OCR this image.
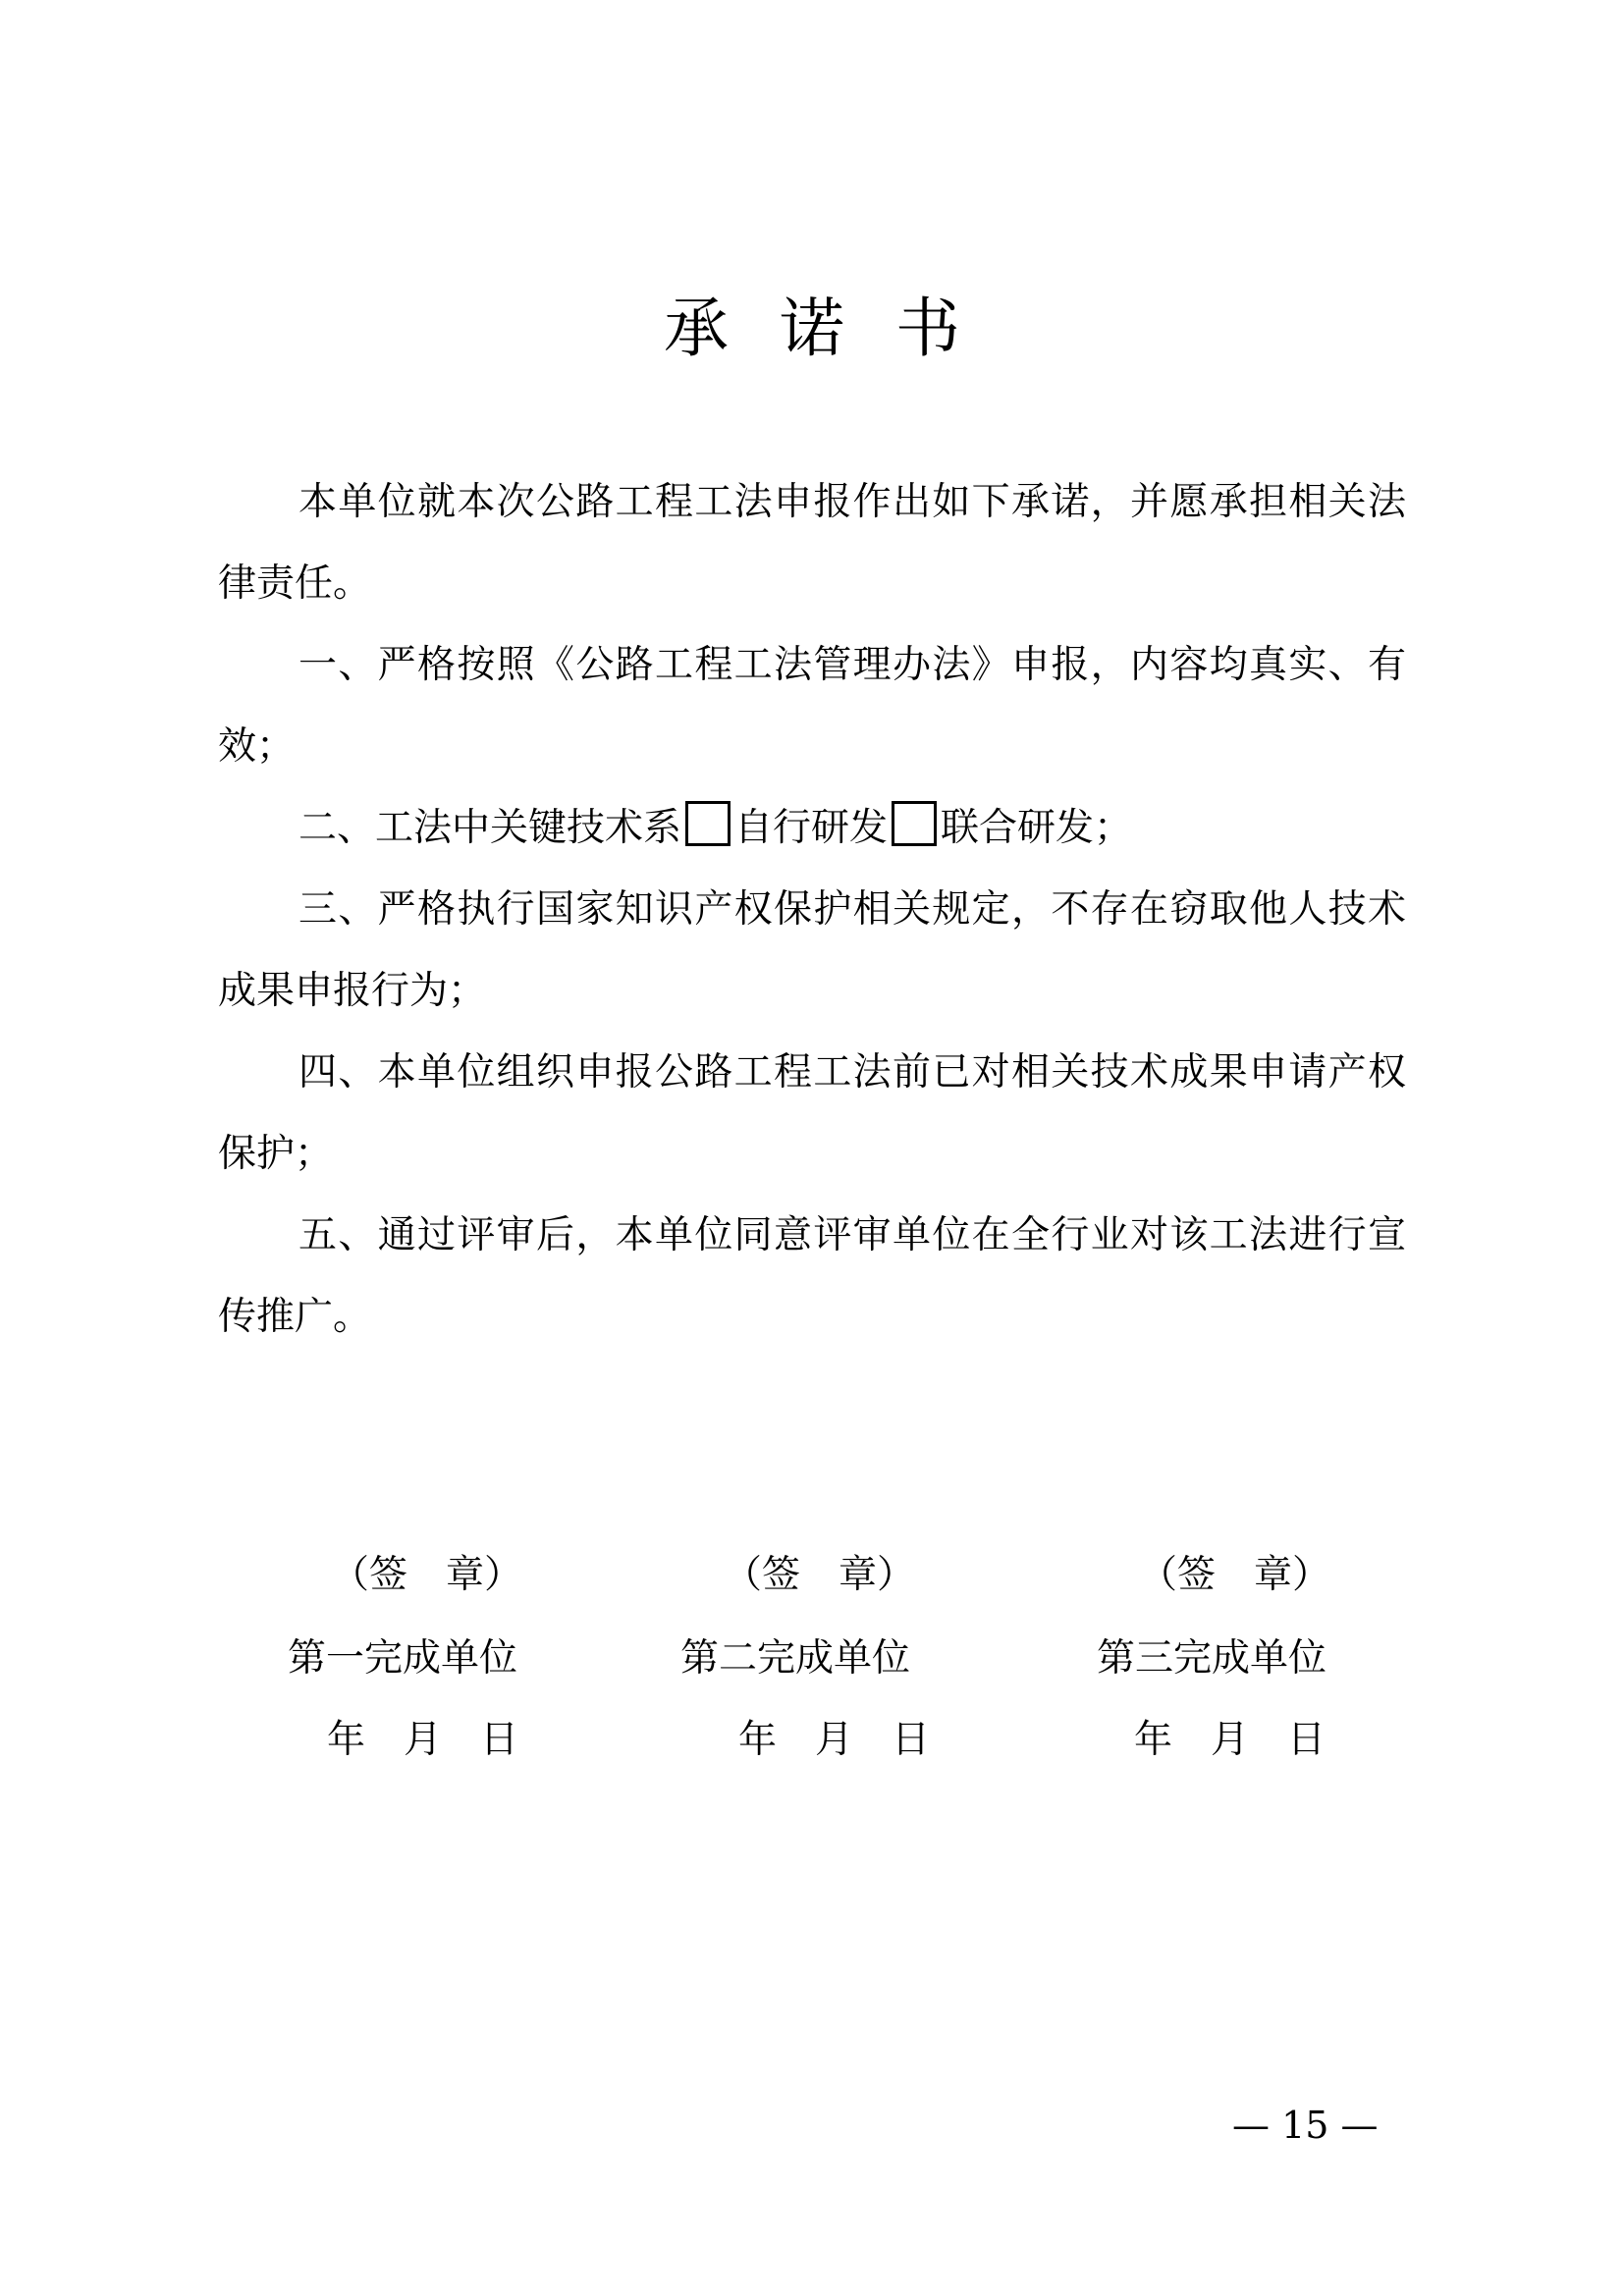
承诺书

本单位就本次公路工程工法申报作出如下承诺，并愿承担相关法律责任。

一、严格按照《公路工程工法管理办法》申报，内容均真实、有效；

二、工法中关键技术系 自行研发 联合研发；

三、严格执行国家知识产权保护相关规定，不存在窃取他人技术成果申报行为；

四、本单位组织申报公路工程工法前已对相关技术成果申请产权保护；

五、通过评审后，本单位同意评审单位在全行业对该工法进行宣传推广。

（签　章）	（签　章）	（签　章）
第一完成单位	第二完成单位	第三完成单位
年　月　日	年　月　日	年　月　日
— 15 —
